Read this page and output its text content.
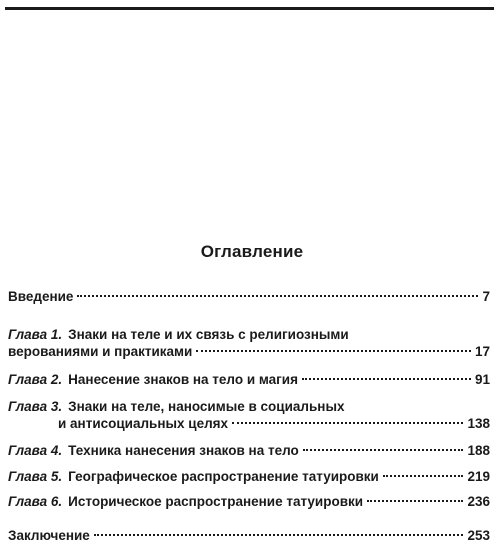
Оглавление
Введение	7
Глава 1. Знаки на теле и их связь с религиозными
верованиями и практиками	17
Глава 2. Нанесение знаков на тело и магия	91
Глава 3. Знаки на теле, наносимые в социальных
и антисоциальных целях	138
Глава 4. Техника нанесения знаков на тело	188
Глава 5. Географическое распространение татуировки	219
Глава 6. Историческое распространение татуировки	236
Заключение	253
